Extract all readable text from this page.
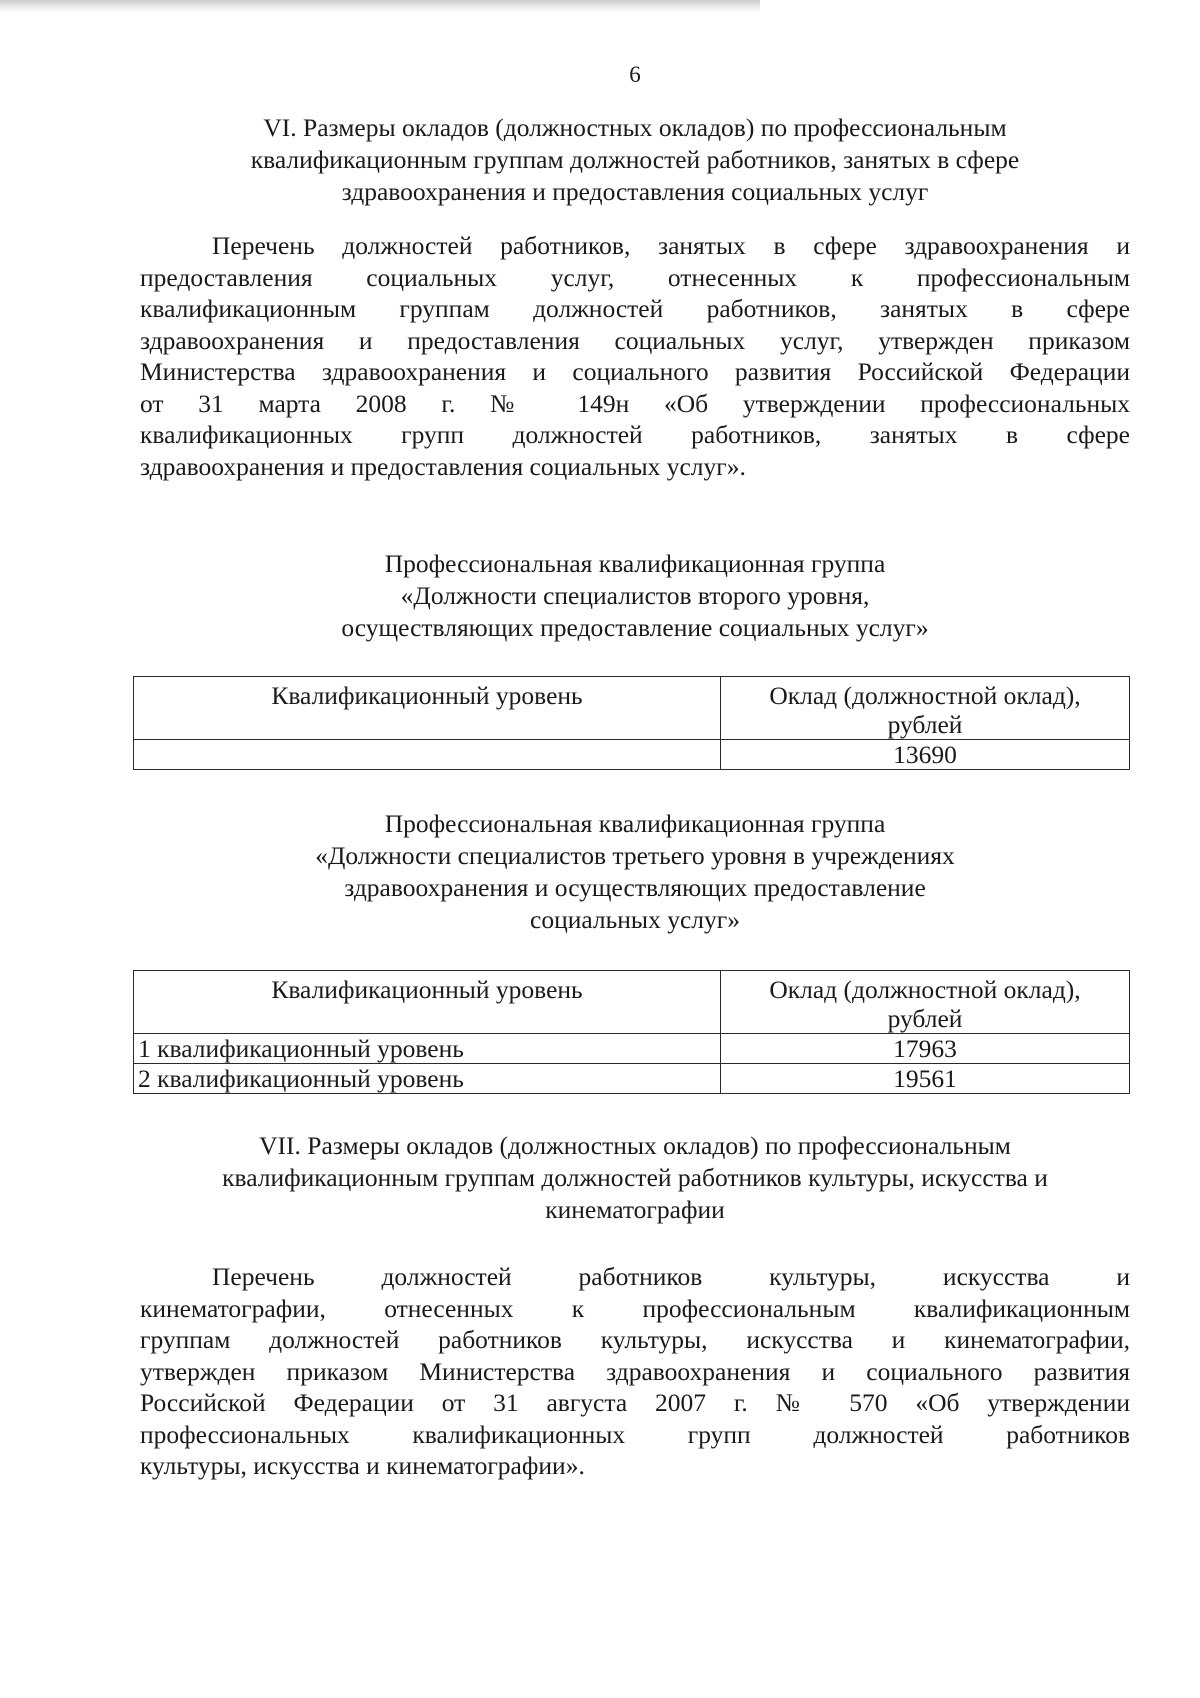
6
VI. Размеры окладов (должностных окладов) по профессиональным
квалификационным группам должностей работников, занятых в сфере
здравоохранения и предоставления социальных услуг
Перечень должностей работников, занятых в сфере здравоохранения и
предоставления социальных услуг, отнесенных к профессиональным
квалификационным группам должностей работников, занятых в сфере
здравоохранения и предоставления социальных услуг, утвержден приказом
Министерства здравоохранения и социального развития Российской Федерации
от 31 марта 2008 г. № 149н «Об утверждении профессиональных
квалификационных групп должностей работников, занятых в сфере
здравоохранения и предоставления социальных услуг».
Профессиональная квалификационная группа
«Должности специалистов второго уровня,
осуществляющих предоставление социальных услуг»
Квалификационный уровень	Оклад (должностной оклад),
рублей

	13690
Профессиональная квалификационная группа
«Должности специалистов третьего уровня в учреждениях
здравоохранения и осуществляющих предоставление
социальных услуг»
Квалификационный уровень	Оклад (должностной оклад),
рублей

1 квалификационный уровень	17963
2 квалификационный уровень	19561
VII. Размеры окладов (должностных окладов) по профессиональным
квалификационным группам должностей работников культуры, искусства и
кинематографии
Перечень должностей работников культуры, искусства и
кинематографии, отнесенных к профессиональным квалификационным
группам должностей работников культуры, искусства и кинематографии,
утвержден приказом Министерства здравоохранения и социального развития
Российской Федерации от 31 августа 2007 г. № 570 «Об утверждении
профессиональных квалификационных групп должностей работников
культуры, искусства и кинематографии».
